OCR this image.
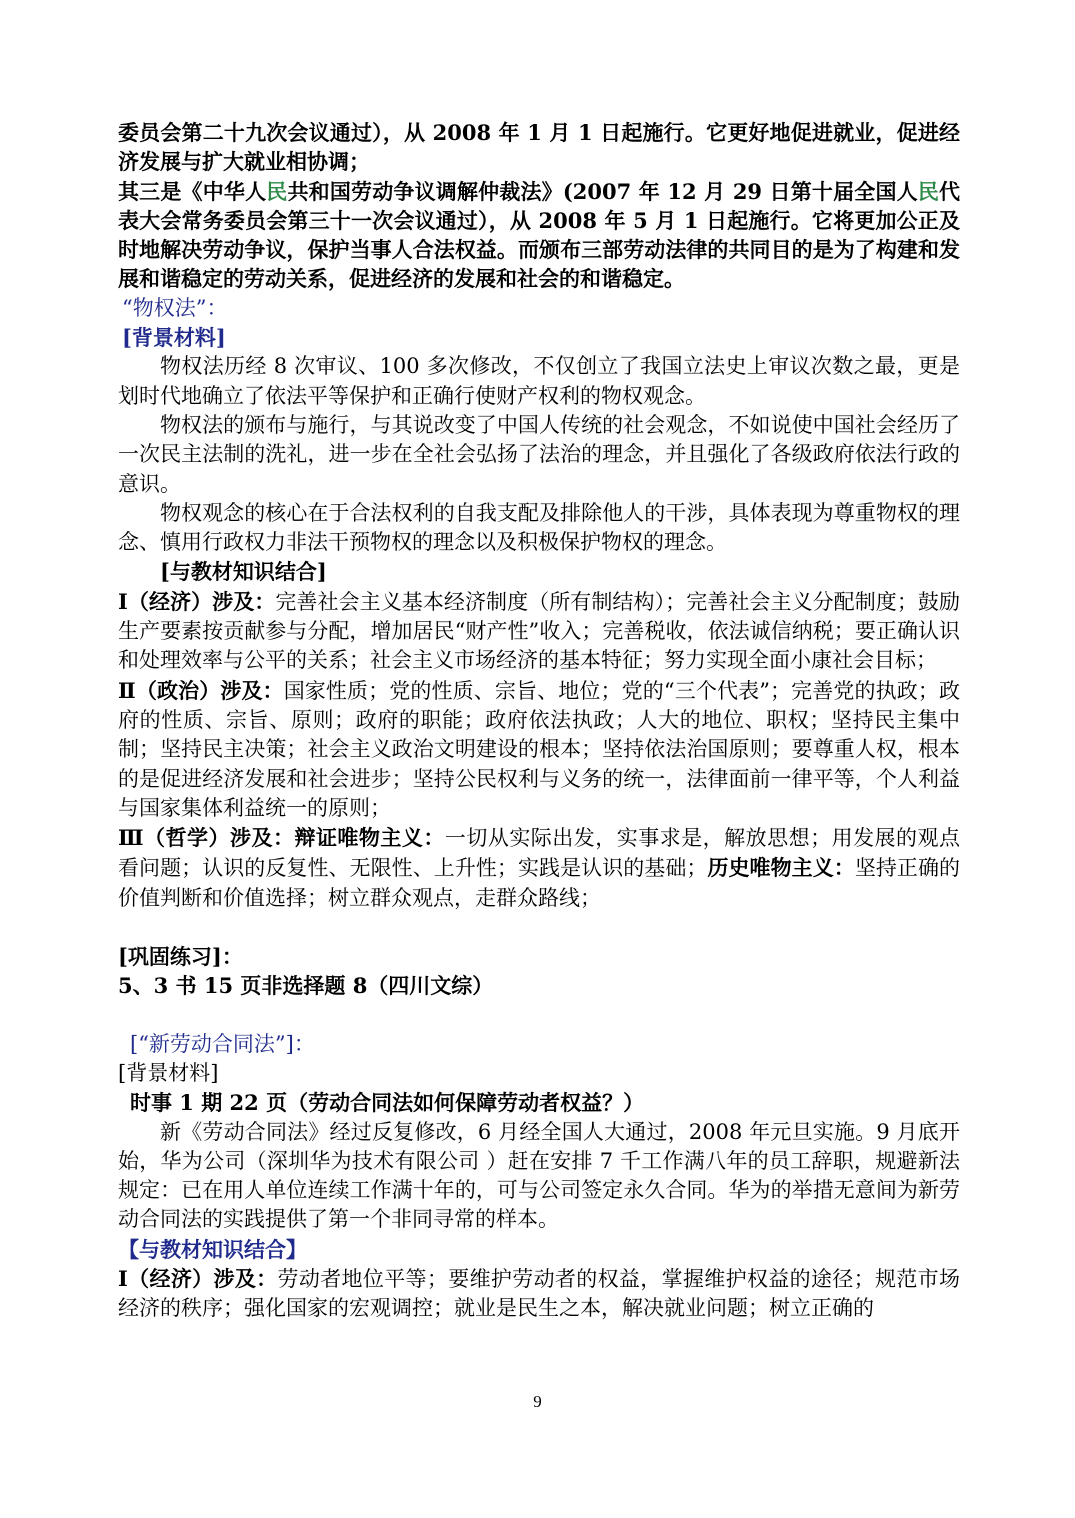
委员会第二十九次会议通过），从 2008 年 1 月 1 日起施行。它更好地促进就业，促进经济发展与扩大就业相协调；

其三是《中华人民共和国劳动争议调解仲裁法》(2007 年 12 月 29 日第十届全国人民代表大会常务委员会第三十一次会议通过），从 2008 年 5 月 1 日起施行。它将更加公正及时地解决劳动争议，保护当事人合法权益。而颁布三部劳动法律的共同目的是为了构建和发展和谐稳定的劳动关系，促进经济的发展和社会的和谐稳定。

“物权法”：

[背景材料]

物权法历经 8 次审议、100 多次修改，不仅创立了我国立法史上审议次数之最，更是划时代地确立了依法平等保护和正确行使财产权利的物权观念。

物权法的颁布与施行，与其说改变了中国人传统的社会观念，不如说使中国社会经历了一次民主法制的洗礼，进一步在全社会弘扬了法治的理念，并且强化了各级政府依法行政的意识。

物权观念的核心在于合法权利的自我支配及排除他人的干涉，具体表现为尊重物权的理念、慎用行政权力非法干预物权的理念以及积极保护物权的理念。

[与教材知识结合]

Ⅰ（经济）涉及：完善社会主义基本经济制度（所有制结构）；完善社会主义分配制度；鼓励生产要素按贡献参与分配，增加居民“财产性”收入；完善税收，依法诚信纳税；要正确认识和处理效率与公平的关系；社会主义市场经济的基本特征；努力实现全面小康社会目标；

Ⅱ（政治）涉及：国家性质；党的性质、宗旨、地位；党的“三个代表”；完善党的执政；政府的性质、宗旨、原则；政府的职能；政府依法执政；人大的地位、职权；坚持民主集中制；坚持民主决策；社会主义政治文明建设的根本；坚持依法治国原则；要尊重人权，根本的是促进经济发展和社会进步；坚持公民权利与义务的统一，法律面前一律平等，个人利益与国家集体利益统一的原则；

Ⅲ（哲学）涉及：辩证唯物主义：一切从实际出发，实事求是，解放思想；用发展的观点看问题；认识的反复性、无限性、上升性；实践是认识的基础；历史唯物主义：坚持正确的价值判断和价值选择；树立群众观点，走群众路线；

[巩固练习]：

5、3 书 15 页非选择题 8（四川文综）

[“新劳动合同法”]：

[背景材料]

时事 1 期 22 页（劳动合同法如何保障劳动者权益？）

新《劳动合同法》经过反复修改，6 月经全国人大通过，2008 年元旦实施。9 月底开始，华为公司（深圳华为技术有限公司 ）赶在安排 7 千工作满八年的员工辞职，规避新法规定：已在用人单位连续工作满十年的，可与公司签定永久合同。华为的举措无意间为新劳动合同法的实践提供了第一个非同寻常的样本。

【与教材知识结合】

Ⅰ（经济）涉及：劳动者地位平等；要维护劳动者的权益，掌握维护权益的途径；规范市场经济的秩序；强化国家的宏观调控；就业是民生之本，解决就业问题；树立正确的

9
